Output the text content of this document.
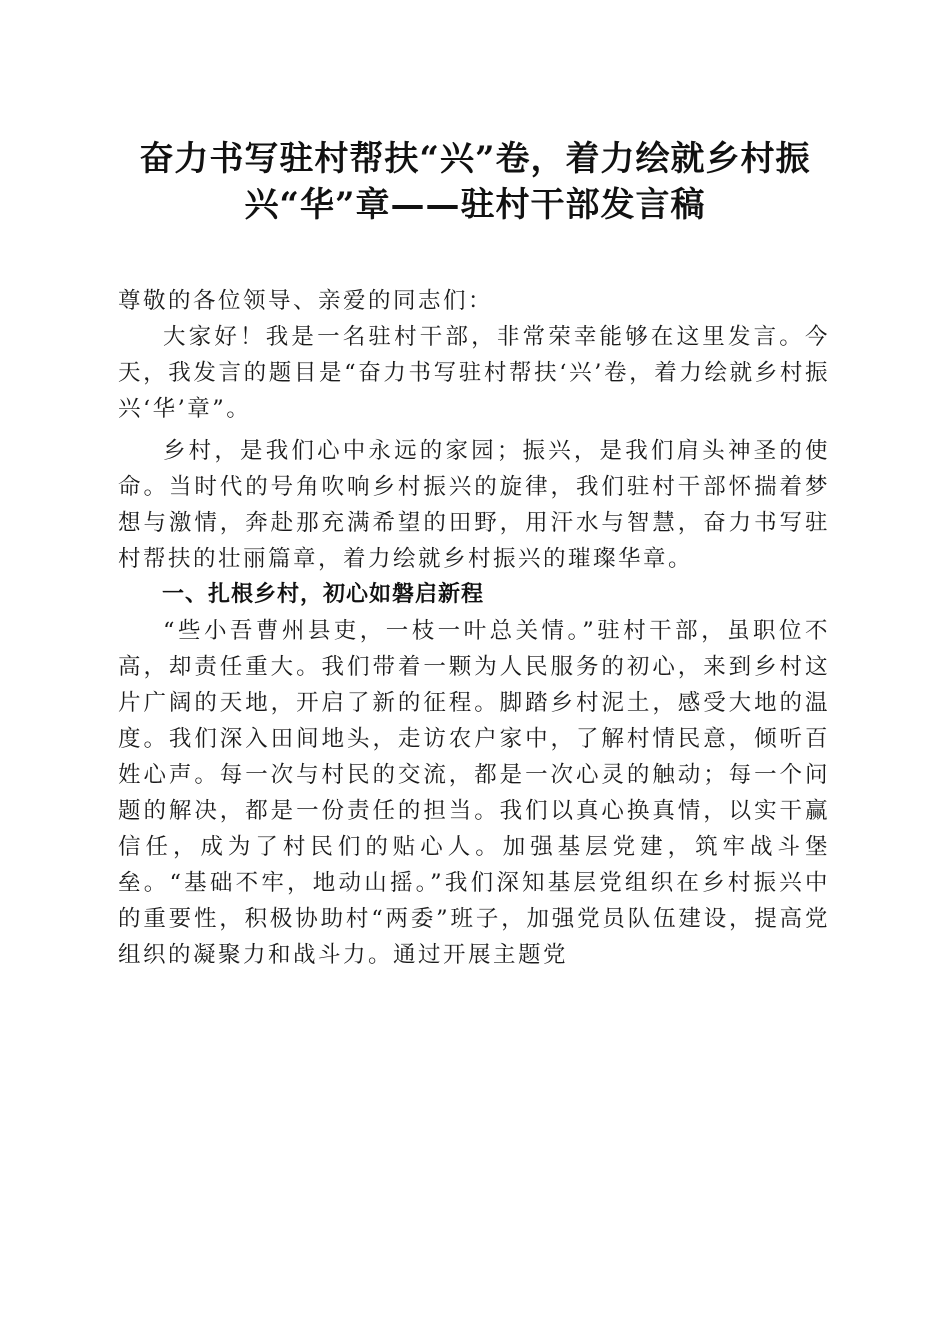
奋力书写驻村帮扶“兴”卷，着力绘就乡村振
兴“华”章——驻村干部发言稿

尊敬的各位领导、亲爱的同志们：

大家好！我是一名驻村干部，非常荣幸能够在这里发言。今天，我发言的题目是“奋力书写驻村帮扶‘兴’卷，着力绘就乡村振兴‘华’章”。

乡村，是我们心中永远的家园；振兴，是我们肩头神圣的使命。当时代的号角吹响乡村振兴的旋律，我们驻村干部怀揣着梦想与激情，奔赴那充满希望的田野，用汗水与智慧，奋力书写驻村帮扶的壮丽篇章，着力绘就乡村振兴的璀璨华章。

一、扎根乡村，初心如磐启新程

“些小吾曹州县吏，一枝一叶总关情。”驻村干部，虽职位不高，却责任重大。我们带着一颗为人民服务的初心，来到乡村这片广阔的天地，开启了新的征程。脚踏乡村泥土，感受大地的温度。我们深入田间地头，走访农户家中，了解村情民意，倾听百姓心声。每一次与村民的交流，都是一次心灵的触动；每一个问题的解决，都是一份责任的担当。我们以真心换真情，以实干赢信任，成为了村民们的贴心人。加强基层党建，筑牢战斗堡垒。“基础不牢，地动山摇。”我们深知基层党组织在乡村振兴中的重要性，积极协助村“两委”班子，加强党员队伍建设，提高党组织的凝聚力和战斗力。通过开展主题党
